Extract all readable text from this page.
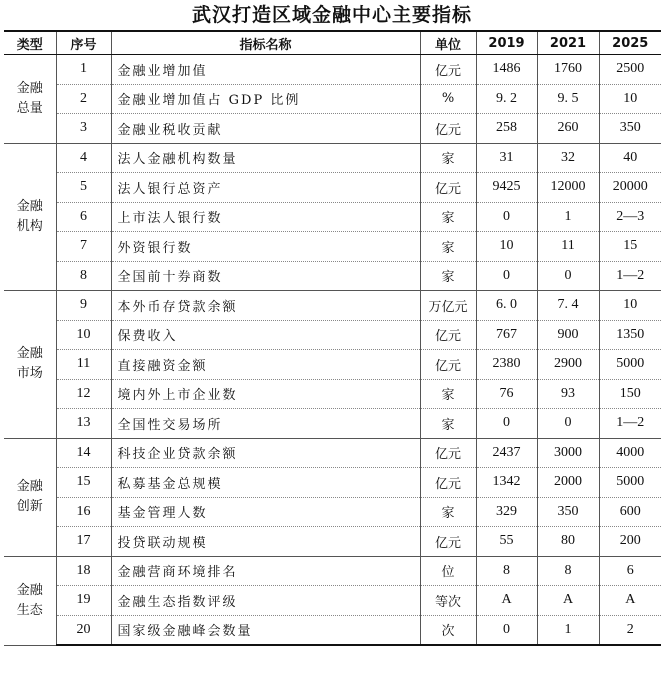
武汉打造区域金融中心主要指标
类型	序号	指标名称	单位	2019	2021	2025

金融
总量	1	金融业增加值	亿元	1486	1760	2500
	2	金融业增加值占 GDP 比例	%	9. 2	9. 5	10
	3	金融业税收贡献	亿元	258	260	350

金融
机构	4	法人金融机构数量	家	31	32	40
	5	法人银行总资产	亿元	9425	12000	20000
	6	上市法人银行数	家	0	1	2—3
	7	外资银行数	家	10	11	15
	8	全国前十券商数	家	0	0	1—2

金融
市场	9	本外币存贷款余额	万亿元	6. 0	7. 4	10
	10	保费收入	亿元	767	900	1350
	11	直接融资金额	亿元	2380	2900	5000
	12	境内外上市企业数	家	76	93	150
	13	全国性交易场所	家	0	0	1—2

金融
创新	14	科技企业贷款余额	亿元	2437	3000	4000
	15	私募基金总规模	亿元	1342	2000	5000
	16	基金管理人数	家	329	350	600
	17	投贷联动规模	亿元	55	80	200

金融
生态	18	金融营商环境排名	位	8	8	6
	19	金融生态指数评级	等次	A	A	A
	20	国家级金融峰会数量	次	0	1	2
